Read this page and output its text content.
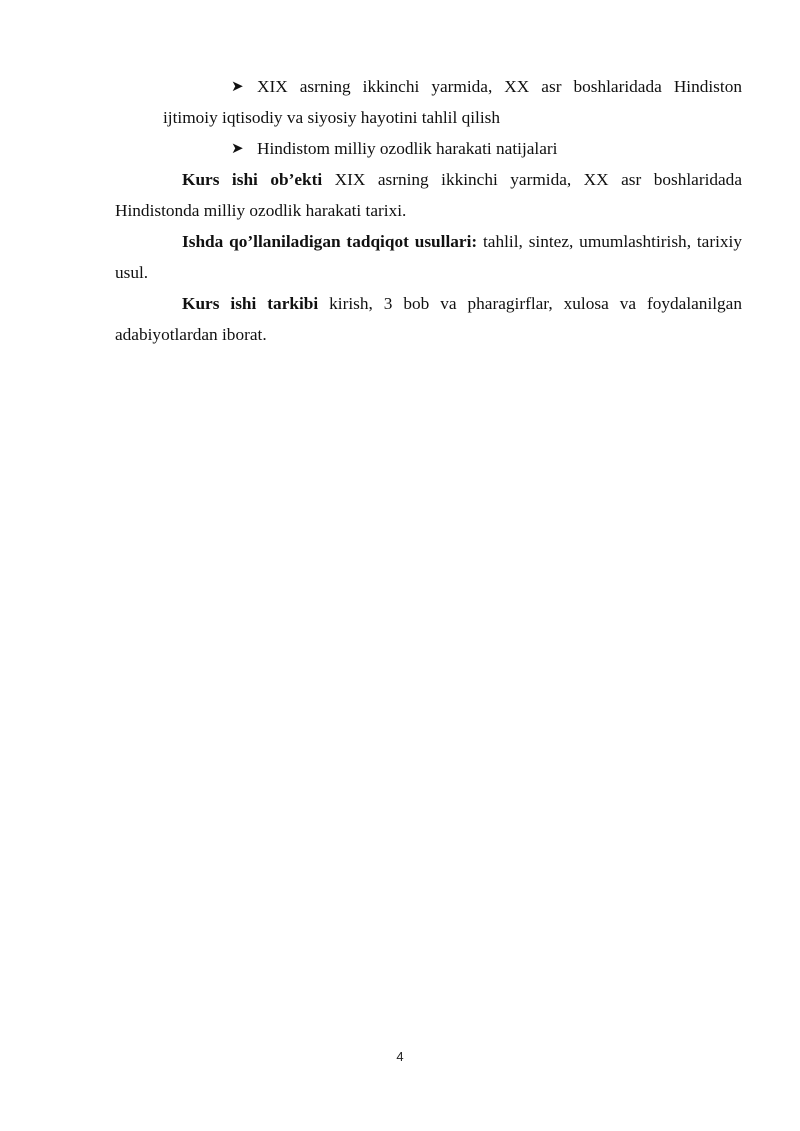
➤ XIX asrning ikkinchi yarmida, XX asr boshlaridada Hindiston
ijtimoiy iqtisodiy va siyosiy hayotini tahlil qilish
➤ Hindistom milliy ozodlik harakati natijalari

Kurs ishi ob’ekti XIX asrning ikkinchi yarmida, XX asr boshlaridada Hindistonda milliy ozodlik harakati tarixi.

Ishda qo’llaniladigan tadqiqot usullari: tahlil, sintez, umumlashtirish, tarixiy usul.

Kurs ishi tarkibi kirish, 3 bob va pharagirflar, xulosa va foydalanilgan adabiyotlardan iborat.

4
